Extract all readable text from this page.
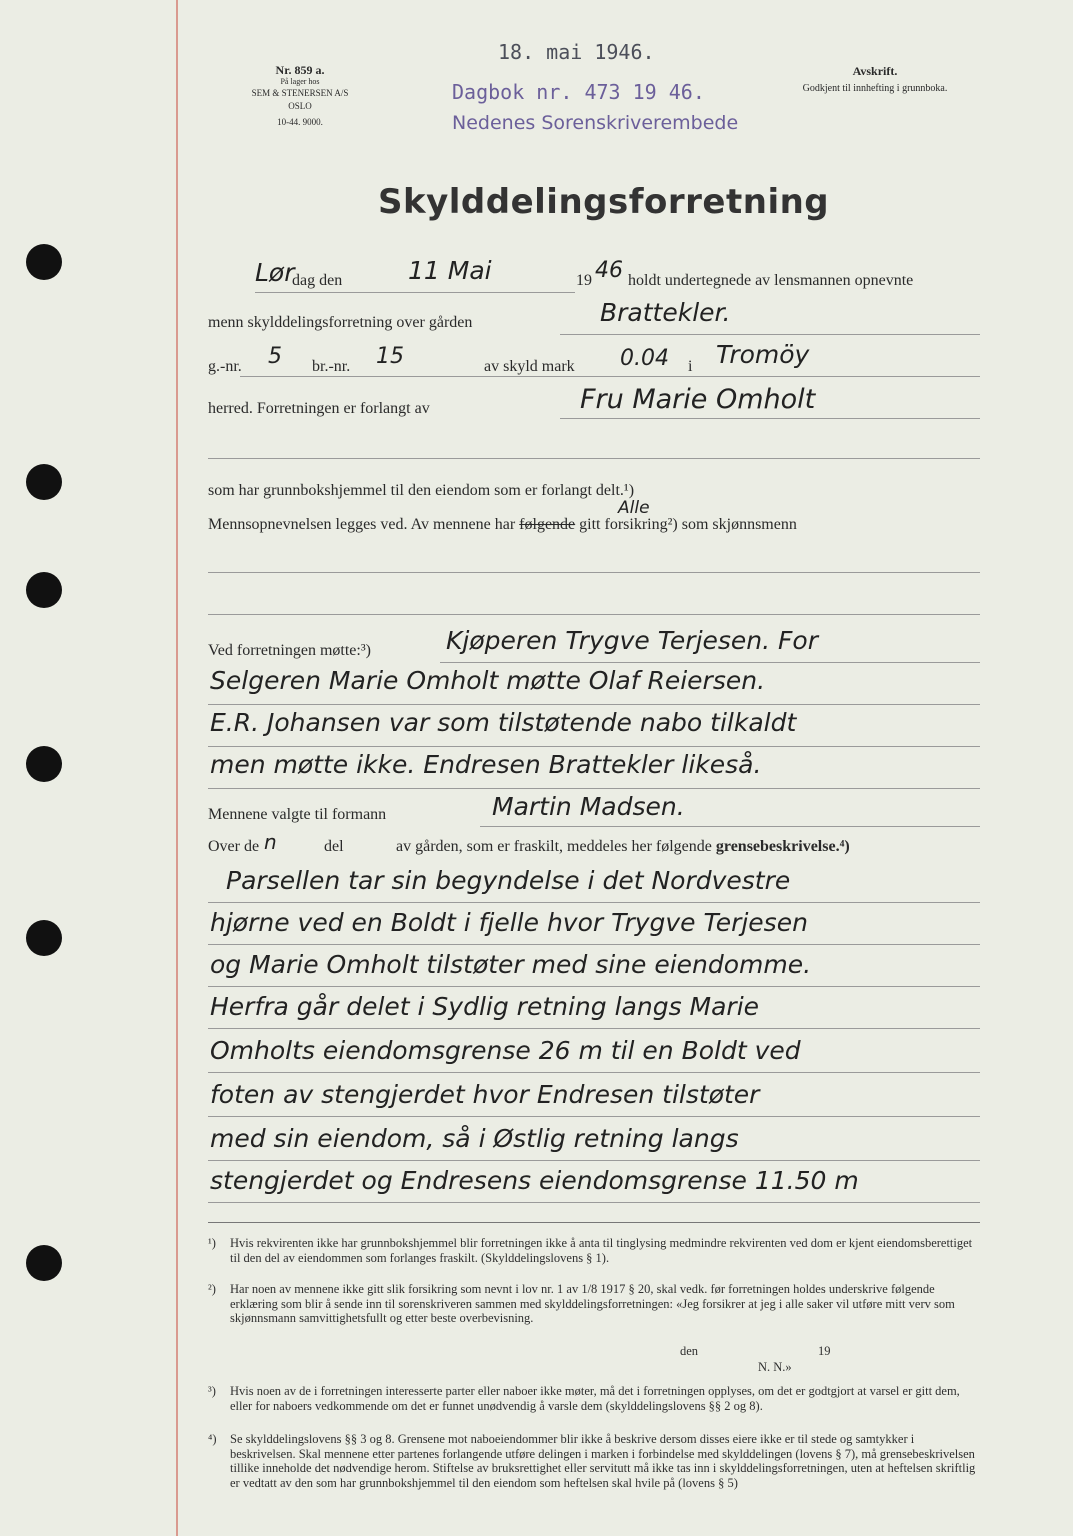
Nr. 859 a.
På lager hos
SEM & STENERSEN A/S OSLO
10-44. 9000.
18. mai 1946.
Dagbok nr. 473 19 46.
Nedenes Sorenskriverembede
Avskrift.
Godkjent til innhefting i grunnboka.
Skylddelingsforretning
Lør
dag den	11 Mai	19 46 holdt undertegnede av lensmannen opnevnte
menn skylddelingsforretning over gården	Brattekler.
g.-nr. 5 br.-nr. 15	av skyld mark 0.04 i Tromöy
herred. Forretningen er forlangt av	Fru Marie Omholt
som har grunnbokshjemmel til den eiendom som er forlangt delt.¹)
Alle
Mennsopnevnelsen legges ved. Av mennene har følgende gitt forsikring²) som skjønnsmenn
Ved forretningen møtte:³)	Kjøperen Trygve Terjesen. For
Selgeren Marie Omholt møtte Olaf Reiersen.
E.R. Johansen var som tilstøtende nabo tilkaldt
men møtte ikke. Endresen Brattekler likeså.
Mennene valgte til formann	Martin Madsen.
Over de n	del	av gården, som er fraskilt, meddeles her følgende grensebeskrivelse.⁴)
Parsellen tar sin begyndelse i det Nordvestre
hjørne ved en Boldt i fjelle hvor Trygve Terjesen
og Marie Omholt tilstøter med sine eiendomme.
Herfra går delet i Sydlig retning langs Marie
Omholts eiendomsgrense 26 m til en Boldt ved
foten av stengjerdet hvor Endresen tilstøter
med sin eiendom, så i Østlig retning langs
stengjerdet og Endresens eiendomsgrense 11.50 m
¹) Hvis rekvirenten ikke har grunnbokshjemmel blir forretningen ikke å anta til tinglysing medmindre rekvirenten ved dom er kjent eiendomsberettiget til den del av eiendommen som forlanges fraskilt. (Skylddelingslovens § 1).
²) Har noen av mennene ikke gitt slik forsikring som nevnt i lov nr. 1 av 1/8 1917 § 20, skal vedk. før forretningen holdes underskrive følgende erklæring som blir å sende inn til sorenskriveren sammen med skylddelingsforretningen: «Jeg forsikrer at jeg i alle saker vil utføre mitt verv som skjønnsmann samvittighetsfullt og etter beste overbevisning.
den	19
N. N.»
³) Hvis noen av de i forretningen interesserte parter eller naboer ikke møter, må det i forretningen opplyses, om det er godtgjort at varsel er gitt dem, eller for naboers vedkommende om det er funnet unødvendig å varsle dem (skylddelingslovens §§ 2 og 8).
⁴) Se skylddelingslovens §§ 3 og 8. Grensene mot naboeiendommer blir ikke å beskrive dersom disses eiere ikke er til stede og samtykker i beskrivelsen. Skal mennene etter partenes forlangende utføre delingen i marken i forbindelse med skylddelingen (lovens § 7), må grensebeskrivelsen tillike inneholde det nødvendige herom. Stiftelse av bruksrettighet eller servitutt må ikke tas inn i skylddelingsforretningen, uten at heftelsen skriftlig er vedtatt av den som har grunnbokshjemmel til den eiendom som heftelsen skal hvile på (lovens § 5)
